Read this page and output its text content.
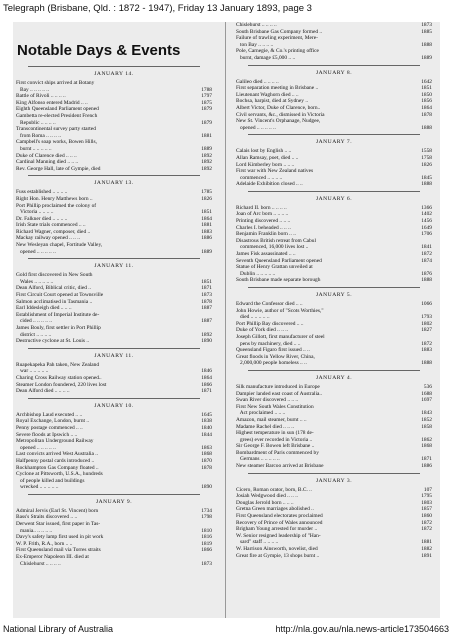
Telegraph (Brisbane, Qld. : 1872 - 1947), Friday 13 January 1893, page 3
Notable Days & Events
JANUARY 14.
First convict ships arrived at Botany
Bay .. .. .. .. ..	1788
Battle of Rivoli .. .. .. ..	1797
King Alfonso entered Madrid .. ..	1875
Eighth Queensland Parliament opened	1879
Gambetta re-elected President French
Republic .. .. .. ..	1879
Transcontinental survey party started
from Roma .. .. .. ..	1881
Campbell's soap works, Bowen Hills,
burnt .. .. .. .. ..	1889
Duke of Clarence died .. .. ..	1892
Cardinal Manning died .. .. ..	1892
Rev. George Hall, late of Gympie, died	1892
JANUARY 13.
Fuss established .. .. .. ..	1785
Right Hon. Henry Matthews born ..	1826
Port Phillip proclaimed the colony of
Victoria .. .. .. ..	1851
Dr. Falkner died .. .. .. ..	1864
Irish State trials commenced .. ..	1881
Richard Wagner, composer, died ..	1883
Mackay railway opened .. .. ..	1886
New Wesleyan chapel, Fortitude Valley,
opened .. .. .. .. ..	1889
JANUARY 11.
Gold first discovered in New South
Wales .. .. .. .. ..	1851
Dean Alford, Biblical critic, died ..	1871
First Circuit Court opened at Townsville	1873
Salmon acclimatised in Tasmania ..	1878
Earl Iddesleigh died .. .. ..	1887
Establishment of Imperial Institute de-
cided .. .. .. .. ..	1887
James Bouly, first settler in Port Phillip
district .. .. .. ..	1892
Destructive cyclone at St. Louis ..	1890
JANUARY 11.
Ruapekapeka Pah taken, New Zealand
war .. .. .. .. ..	1846
Charing Cross Railway station opened..	1864
Steamer London foundered, 220 lives lost	1866
Dean Alford died .. .. .. ..	1871
JANUARY 10.
Archbishop Laud executed .. ..	1645
Royal Exchange, London, burnt ..	1838
Penny postage commenced .. ..	1840
Severe floods at Ipswich .. ..	1844
Metropolitan Underground Railway
opened .. .. .. .. ..	1863
Last convicts arrived West Australia ..	1868
Halfpenny postal cards introduced ..	1870
Rockhampton Gas Company floated ..	1878
Cyclone at Pittsworth, U.S.A., hundreds
of people killed and buildings
wrecked .. .. .. .. ..	1890
JANUARY 9.
Admiral Jervis (Earl St. Vincent) born	1734
Bass's Straits discovered .. ..	1798
Derwent Star issued, first paper in Tas-
mania.. .. .. .. ..	1810
Davy's safety lamp first used in pit work	1816
W. P. Frith, R.A., born .. ..	1819
First Queensland mail via Torres straits	1866
Ex-Emperor Napoleon III. died at
Chislehurst .. .. .. ..	1873
Chislehurst .. .. .. ..	1873
South Brisbane Gas Company formed ..	1885
Failure of trawling experiment, Mere-
ton Bay .. .. .. ..	1888
Pole, Carnegie, & Co.'s printing office
burnt, damage £5,000 .. ..	1889
JANUARY 8.
Galileo died .. .. .. ..	1642
First separation meeting in Brisbane ..	1851
Lieutenant Waghorn died .. ..	1850
Bochsa, harpist, died at Sydney ..	1856
Albert Victor, Duke of Clarence, born..	1864
Civil servants, &c., dismissed in Victoria	1878
New St. Vincent's Orphanage, Nudgee,
opened .. .. .. .. ..	1888
JANUARY 7.
Calais lost by English .. ..	1558
Allan Ramsay, poet, died .. ..	1758
Lord Kimberley born .. .. ..	1826
First war with New Zealand natives
commenced .. .. .. ..	1845
Adelaide Exhibition closed .. ..	1888
JANUARY 6.
Richard II. born .. .. .. ..	1366
Joan of Arc born .. .. .. ..	1402
Printing discovered .. .. ..	1456
Charles I. beheaded .. .. ..	1649
Benjamin Franklin born .. ..	1706
Disastrous British retreat from Cabul
commenced, 16,000 lives lost ..	1841
James Fisk assassinated .. ..	1872
Seventh Queensland Parliament opened	1874
Statue of Henry Grattan unveiled at
Dublin .. .. .. .. ..	1876
South Brisbane made separate borough	1888
JANUARY 5.
Edward the Confessor died .. ..	1066
John Howie, author of "Scots Worthies,"
died .. .. .. .. ..	1793
Port Phillip Bay discovered .. ..	1802
Duke of York died .. .. ..	1827
Joseph Gillott, first manufacturer of steel
pens by machinery, died .. ..	1872
Queensland Figaro first issued .. ..	1883
Great floods in Yellow River, China,
2,000,000 people homeless .. ..	1888
JANUARY 4.
Silk manufacture introduced in Europe	536
Dampier landed east coast of Australia..	1688
Swan River discovered .. .. ..	1697
First New South Wales Constitution
Act proclaimed .. .. ..	1843
Amazon, mail steamer, burnt .. ..	1852
Madame Rachel died .. .. ..	1858
Highest temperature in sun (178 de-
grees) ever recorded in Victoria ..	1862
Sir George F. Bowen left Brisbane ..	1868
Bombardment of Paris commenced by
Germans .. .. .. .. ..	1871
New steamer Barcoo arrived at Brisbane	1886
JANUARY 3.
Cicero, Roman orator, born, B.C. ..	107
Josiah Wedgwood died .. .. ..	1795
Douglas Jerrold born .. .. ..	1803
Gretna Green marriages abolished ..	1857
First Queensland electorates proclaimed	1860
Recovery of Prince of Wales announced	1872
Brigham Young arrested for murder ..	1872
W. Senior resigned leadership of "Han-
sard" staff .. .. .. ..	1881
W. Harrison Ainsworth, novelist, died	1882
Great fire at Gympie, 13 shops burnt ..	1891
National Library of Australia	http://nla.gov.au/nla.news-article173504663
